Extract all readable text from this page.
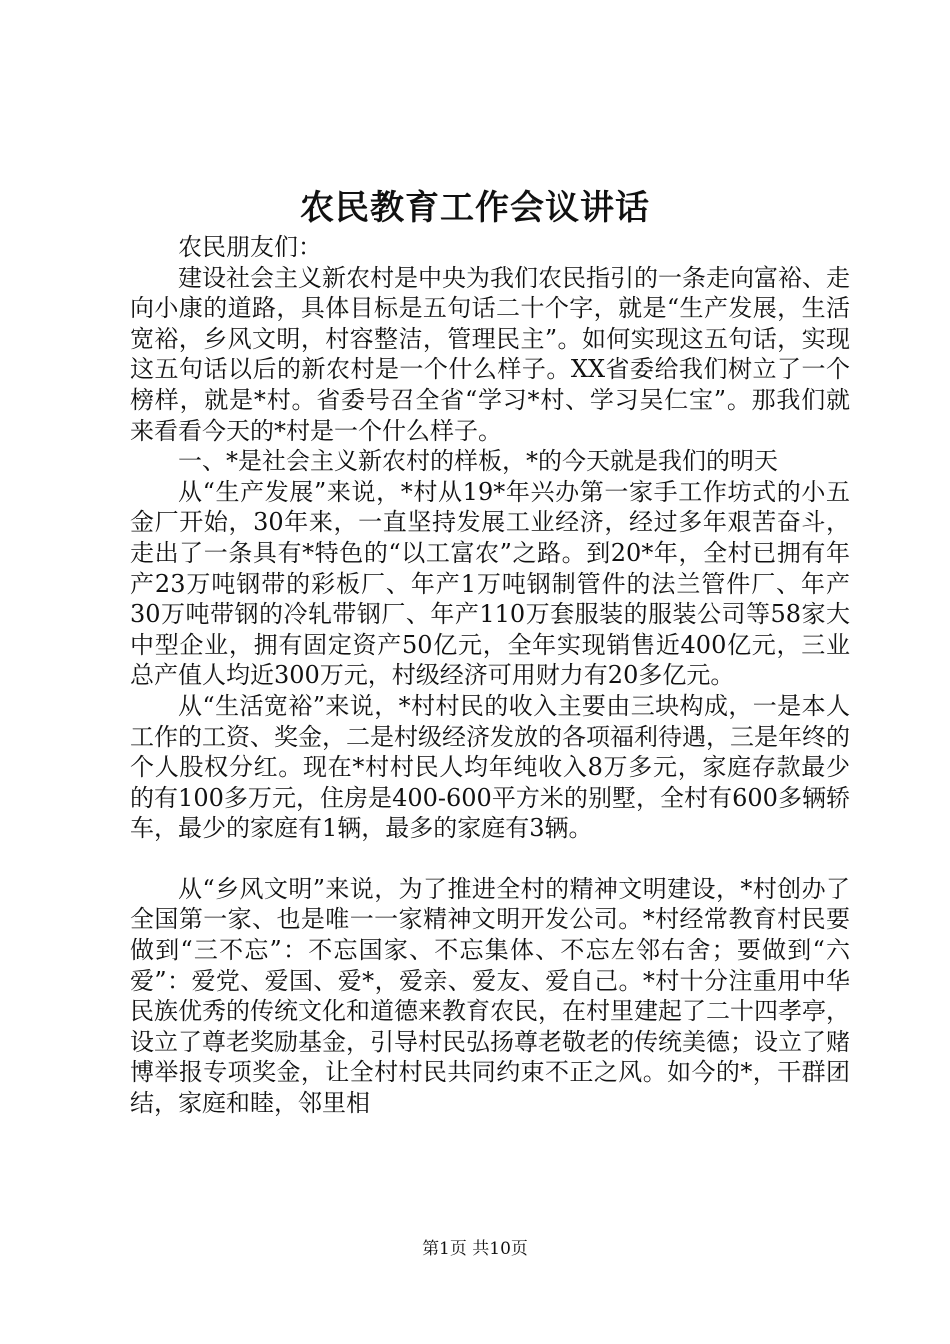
农民教育工作会议讲话

农民朋友们：

建设社会主义新农村是中央为我们农民指引的一条走向富裕、走向小康的道路，具体目标是五句话二十个字，就是“生产发展，生活宽裕，乡风文明，村容整洁，管理民主”。如何实现这五句话，实现这五句话以后的新农村是一个什么样子。XX省委给我们树立了一个榜样，就是*村。省委号召全省“学习*村、学习吴仁宝”。那我们就来看看今天的*村是一个什么样子。

一、*是社会主义新农村的样板，*的今天就是我们的明天

从“生产发展”来说，*村从19*年兴办第一家手工作坊式的小五金厂开始，30年来，一直坚持发展工业经济，经过多年艰苦奋斗，走出了一条具有*特色的“以工富农”之路。到20*年，全村已拥有年产23万吨钢带的彩板厂、年产1万吨钢制管件的法兰管件厂、年产30万吨带钢的冷轧带钢厂、年产110万套服装的服装公司等58家大中型企业，拥有固定资产50亿元，全年实现销售近400亿元，三业总产值人均近300万元，村级经济可用财力有20多亿元。

从“生活宽裕”来说，*村村民的收入主要由三块构成，一是本人工作的工资、奖金，二是村级经济发放的各项福利待遇，三是年终的个人股权分红。现在*村村民人均年纯收入8万多元，家庭存款最少的有100多万元，住房是400-600平方米的别墅，全村有600多辆轿车，最少的家庭有1辆，最多的家庭有3辆。

从“乡风文明”来说，为了推进全村的精神文明建设，*村创办了全国第一家、也是唯一一家精神文明开发公司。*村经常教育村民要做到“三不忘”：不忘国家、不忘集体、不忘左邻右舍；要做到“六爱”：爱党、爱国、爱*，爱亲、爱友、爱自己。*村十分注重用中华民族优秀的传统文化和道德来教育农民，在村里建起了二十四孝亭，设立了尊老奖励基金，引导村民弘扬尊老敬老的传统美德；设立了赌博举报专项奖金，让全村村民共同约束不正之风。如今的*，干群团结，家庭和睦，邻里相

第1页 共10页
